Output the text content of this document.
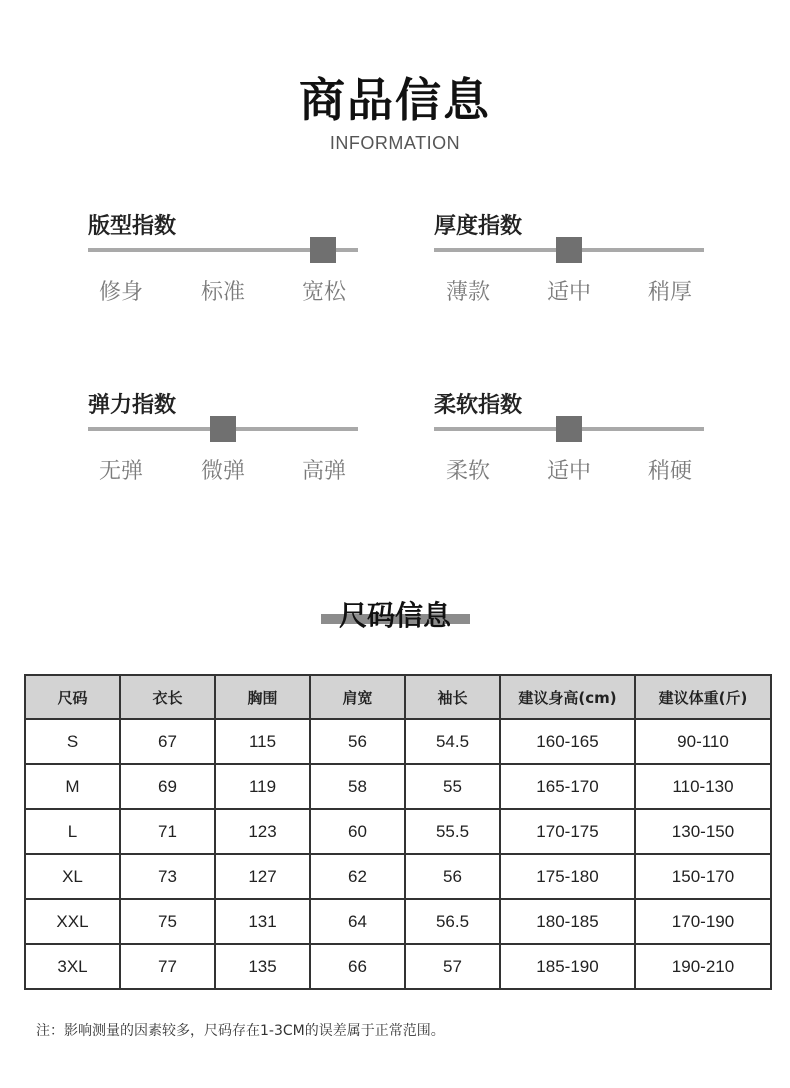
商品信息
INFORMATION
版型指数
修身	标准	宽松
厚度指数
薄款	适中	稍厚
弹力指数
无弹	微弹	高弹
柔软指数
柔软	适中	稍硬
尺码信息
尺码	衣长	胸围	肩宽	袖长	建议身高(cm)	建议体重(斤)
S	67	115	56	54.5	160-165	90-110
M	69	119	58	55	165-170	110-130
L	71	123	60	55.5	170-175	130-150
XL	73	127	62	56	175-180	150-170
XXL	75	131	64	56.5	180-185	170-190
3XL	77	135	66	57	185-190	190-210
注：影响测量的因素较多，尺码存在1-3CM的误差属于正常范围。
